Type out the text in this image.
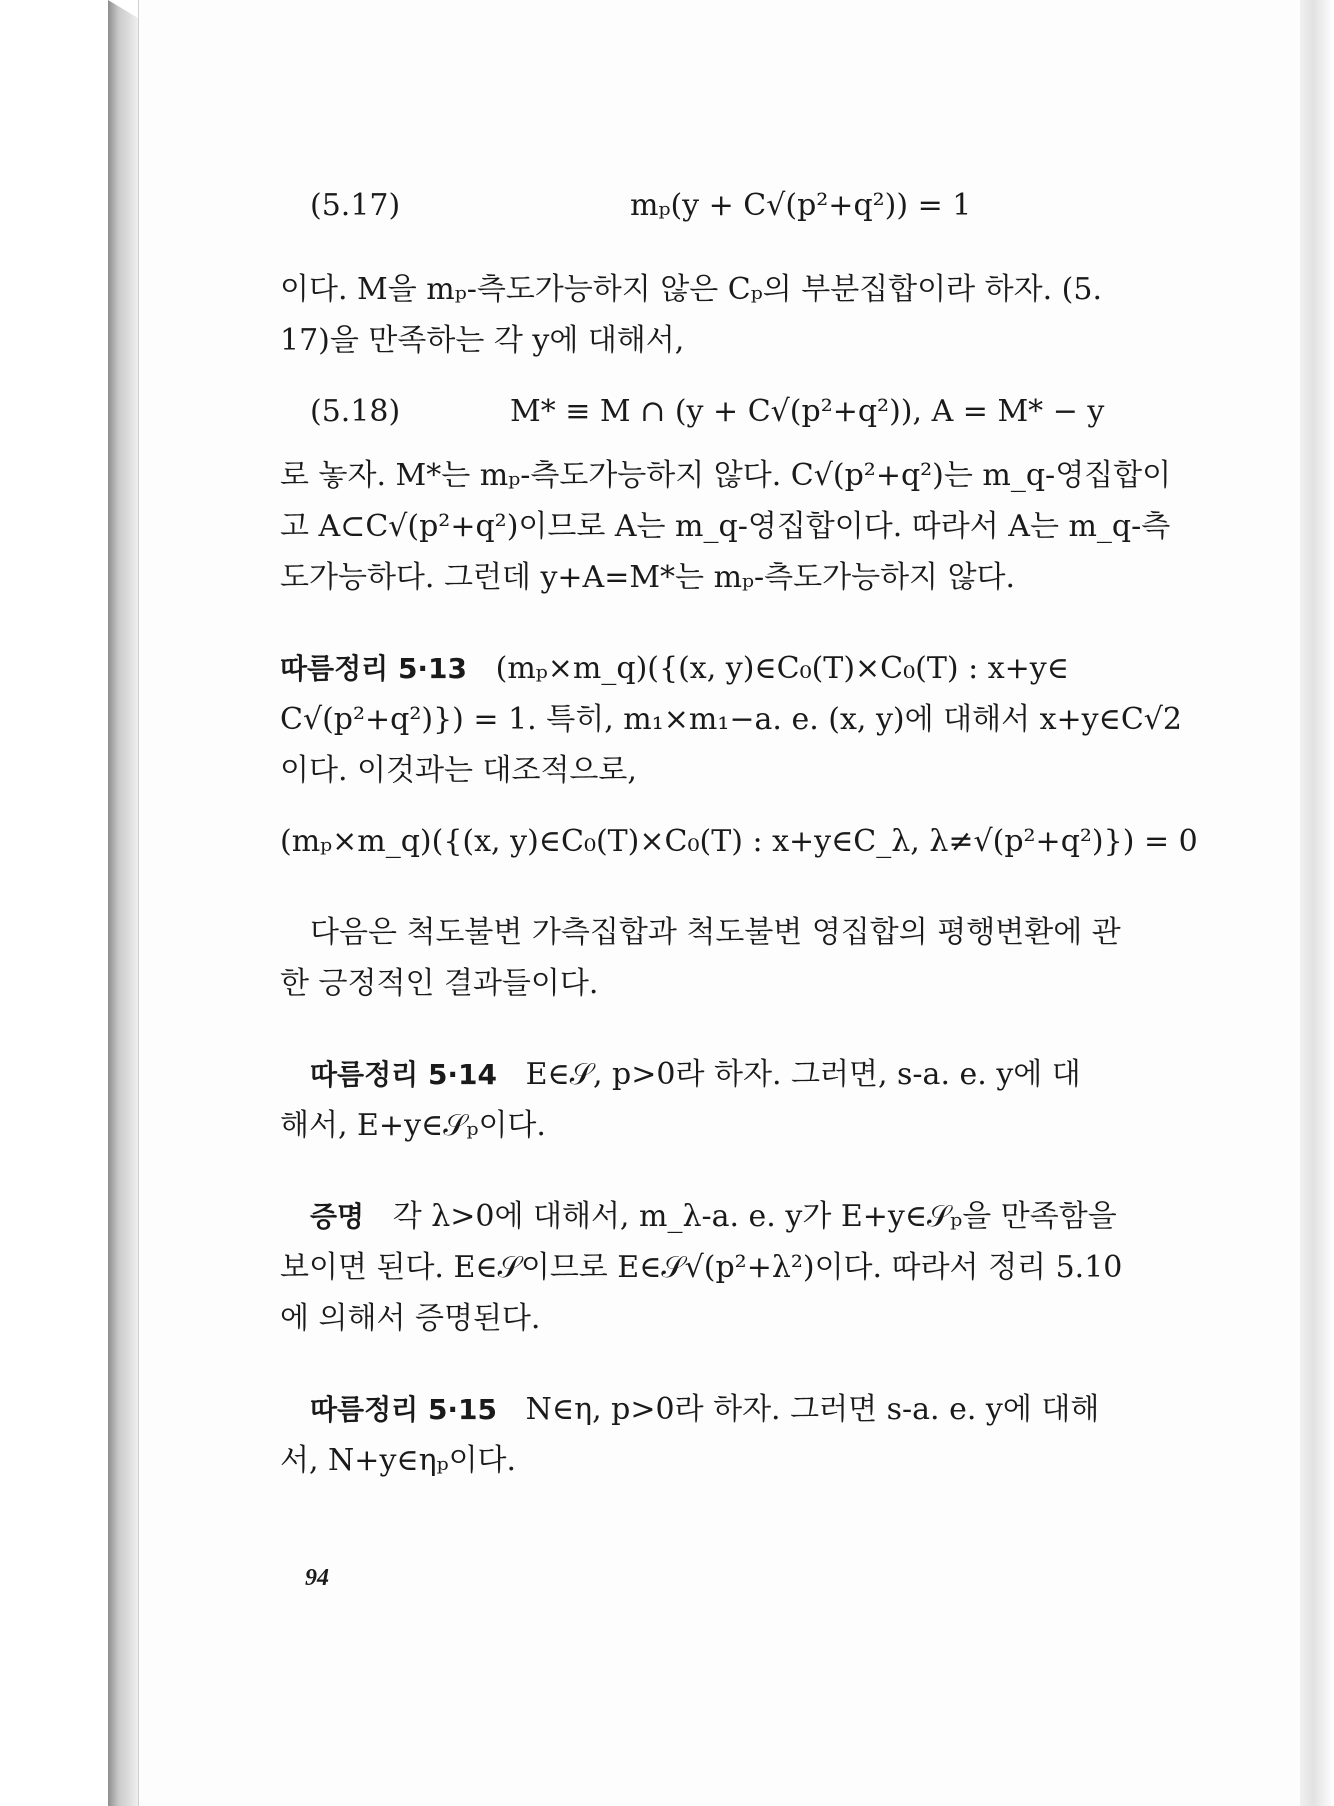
(5.17)	mₚ(y + C√(p²+q²)) = 1

이다. M을 mₚ-측도가능하지 않은 Cₚ의 부분집합이라 하자. (5.

17)을 만족하는 각 y에 대해서,

(5.18)	M* ≡ M ∩ (y + C√(p²+q²)), A = M* − y

로 놓자. M*는 mₚ-측도가능하지 않다. C√(p²+q²)는 m_q-영집합이

고 A⊂C√(p²+q²)이므로 A는 m_q-영집합이다. 따라서 A는 m_q-측

도가능하다. 그런데 y+A=M*는 mₚ-측도가능하지 않다.

따름정리 5·13 (mₚ×m_q)({(x, y)∈C₀(T)×C₀(T) : x+y∈

C√(p²+q²)}) = 1. 특히, m₁×m₁−a. e. (x, y)에 대해서 x+y∈C√2

이다. 이것과는 대조적으로,

(mₚ×m_q)({(x, y)∈C₀(T)×C₀(T) : x+y∈C_λ, λ≠√(p²+q²)}) = 0

다음은 척도불변 가측집합과 척도불변 영집합의 평행변환에 관

한 긍정적인 결과들이다.

따름정리 5·14 E∈𝒮, p>0라 하자. 그러면, s-a. e. y에 대

해서, E+y∈𝒮ₚ이다.

증명 각 λ>0에 대해서, m_λ-a. e. y가 E+y∈𝒮ₚ을 만족함을

보이면 된다. E∈𝒮이므로 E∈𝒮√(p²+λ²)이다. 따라서 정리 5.10

에 의해서 증명된다.

따름정리 5·15 N∈η, p>0라 하자. 그러면 s-a. e. y에 대해

서, N+y∈ηₚ이다.

94
